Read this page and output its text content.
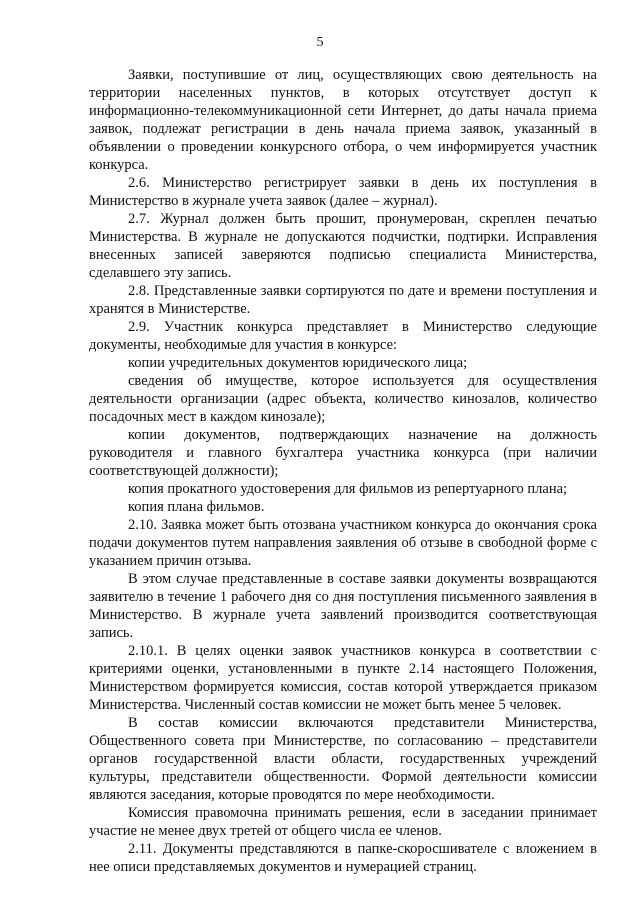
5

Заявки, поступившие от лиц, осуществляющих свою деятельность на территории населенных пунктов, в которых отсутствует доступ к информационно-телекоммуникационной сети Интернет, до даты начала приема заявок, подлежат регистрации в день начала приема заявок, указанный в объявлении о проведении конкурсного отбора, о чем информируется участник конкурса.

2.6. Министерство регистрирует заявки в день их поступления в Министерство в журнале учета заявок (далее – журнал).

2.7. Журнал должен быть прошит, пронумерован, скреплен печатью Министерства. В журнале не допускаются подчистки, подтирки. Исправления внесенных записей заверяются подписью специалиста Министерства, сделавшего эту запись.

2.8. Представленные заявки сортируются по дате и времени поступления и хранятся в Министерстве.

2.9. Участник конкурса представляет в Министерство следующие документы, необходимые для участия в конкурсе:

копии учредительных документов юридического лица;

сведения об имуществе, которое используется для осуществления деятельности организации (адрес объекта, количество кинозалов, количество посадочных мест в каждом кинозале);

копии документов, подтверждающих назначение на должность руководителя и главного бухгалтера участника конкурса (при наличии соответствующей должности);

копия прокатного удостоверения для фильмов из репертуарного плана;

копия плана фильмов.

2.10. Заявка может быть отозвана участником конкурса до окончания срока подачи документов путем направления заявления об отзыве в свободной форме с указанием причин отзыва.

В этом случае представленные в составе заявки документы возвращаются заявителю в течение 1 рабочего дня со дня поступления письменного заявления в Министерство. В журнале учета заявлений производится соответствующая запись.

2.10.1. В целях оценки заявок участников конкурса в соответствии с критериями оценки, установленными в пункте 2.14 настоящего Положения, Министерством формируется комиссия, состав которой утверждается приказом Министерства. Численный состав комиссии не может быть менее 5 человек.

В состав комиссии включаются представители Министерства, Общественного совета при Министерстве, по согласованию – представители органов государственной власти области, государственных учреждений культуры, представители общественности. Формой деятельности комиссии являются заседания, которые проводятся по мере необходимости.

Комиссия правомочна принимать решения, если в заседании принимает участие не менее двух третей от общего числа ее членов.

2.11. Документы представляются в папке-скоросшивателе с вложением в нее описи представляемых документов и нумерацией страниц.
